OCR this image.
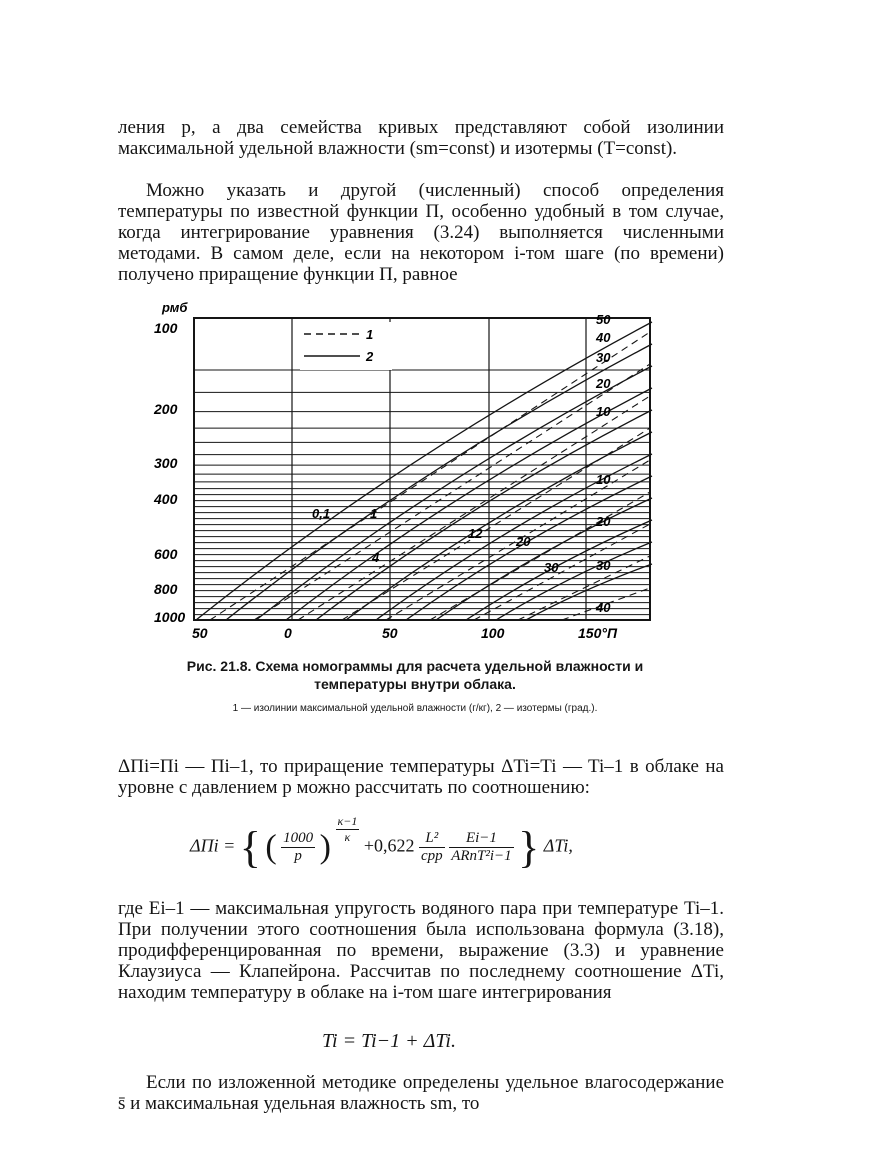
ления p, а два семейства кривых представляют собой изолинии максимальной удельной влажности (sm=const) и изотермы (T=const).

Можно указать и другой (численный) способ определения температуры по известной функции П, особенно удобный в том случае, когда интегрирование уравнения (3.24) выполняется численными методами. В самом деле, если на некотором i-том шаге (по времени) получено приращение функции П, равное

1
2
рмб
100
200
300
400
600
800
1000
50	0	50	100	150°П
50
40
30
20
10
10
20
30
40
0,1	1
4
12
20
30
Рис. 21.8. Схема номограммы для расчета удельной влажности и температуры внутри облака.
1 — изолинии максимальной удельной влажности (г/кг), 2 — изотермы (град.).

ΔПi=Пi — Пi–1, то приращение температуры ΔTi=Ti — Ti–1 в облаке на уровне с давлением p можно рассчитать по соотношению:

ΔПi = { ( $\frac{1000}{p}$ ) $\frac{\kappa-1}{\kappa}$
+0,622 L²
cpp

Ei−1
ARпT²i−1 } ΔTi,

где Ei–1 — максимальная упругость водяного пара при температуре Ti–1. При получении этого соотношения была использована формула (3.18), продифференцированная по времени, выражение (3.3) и уравнение Клаузиуса — Клапейрона. Рассчитав по последнему соотношение ΔTi, находим температуру в облаке на i-том шаге интегрирования

Ti = Ti−1 + ΔTi.

Если по изложенной методике определены удельное влагосодержание s̄ и максимальная удельная влажность sm, то
